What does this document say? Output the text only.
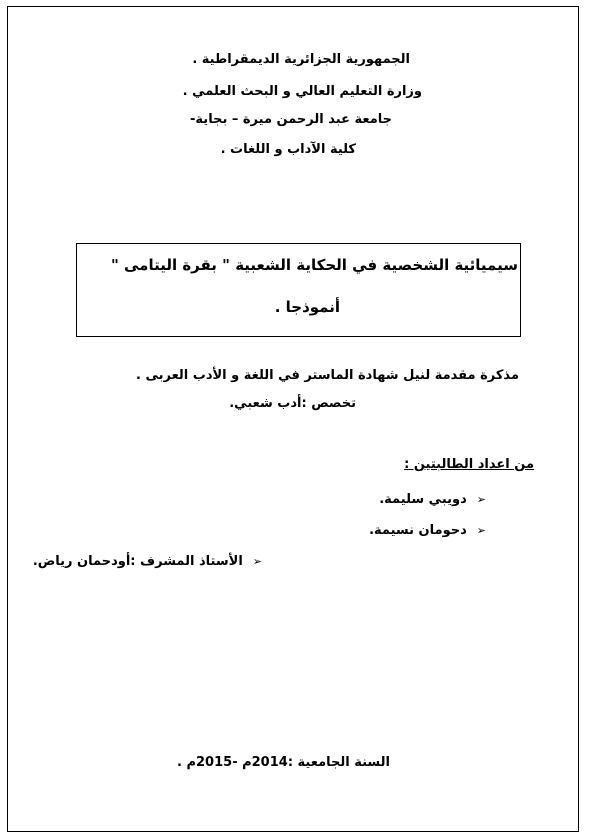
الجمهورية الجزائرية الديمقراطية .
وزارة التعليم العالي و البحث العلمي .
جامعة عبد الرحمن ميرة – بجاية-
كلية الآداب و اللغات .
سيميائية الشخصية في الحكاية الشعبية " بقرة اليتامى "
أنموذجا .
مذكرة مقدمة لنيل شهادة الماستر في اللغة و الأدب العربى .
تخصص :أدب شعبي.
من اعداد الطالبتين :
➢دويبي سليمة.
➢دحومان نسيمة.
➢الأستاذ المشرف :أودحمان رياض.
السنة الجامعية :2014م -2015م .
